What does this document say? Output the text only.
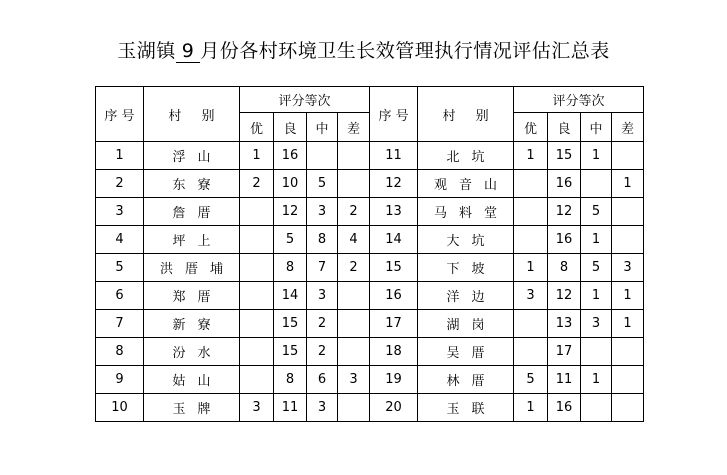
玉湖镇 9 月份各村环境卫生长效管理执行情况评估汇总表
序 号	村 别	评分等次				序 号	村 别	评分等次			
		优	良	中	差			优	良	中	差
1	浮山	1	16			11	北坑	1	15	1	
2	东寮	2	10	5		12	观音山		16		1
3	詹厝		12	3	2	13	马料堂		12	5	
4	坪上		5	8	4	14	大坑		16	1	
5	洪厝埔		8	7	2	15	下坡	1	8	5	3
6	郑厝		14	3		16	洋边	3	12	1	1
7	新寮		15	2		17	湖岗		13	3	1
8	汾水		15	2		18	吴厝		17		
9	姑山		8	6	3	19	林厝	5	11	1	
10	玉牌	3	11	3		20	玉联	1	16		
